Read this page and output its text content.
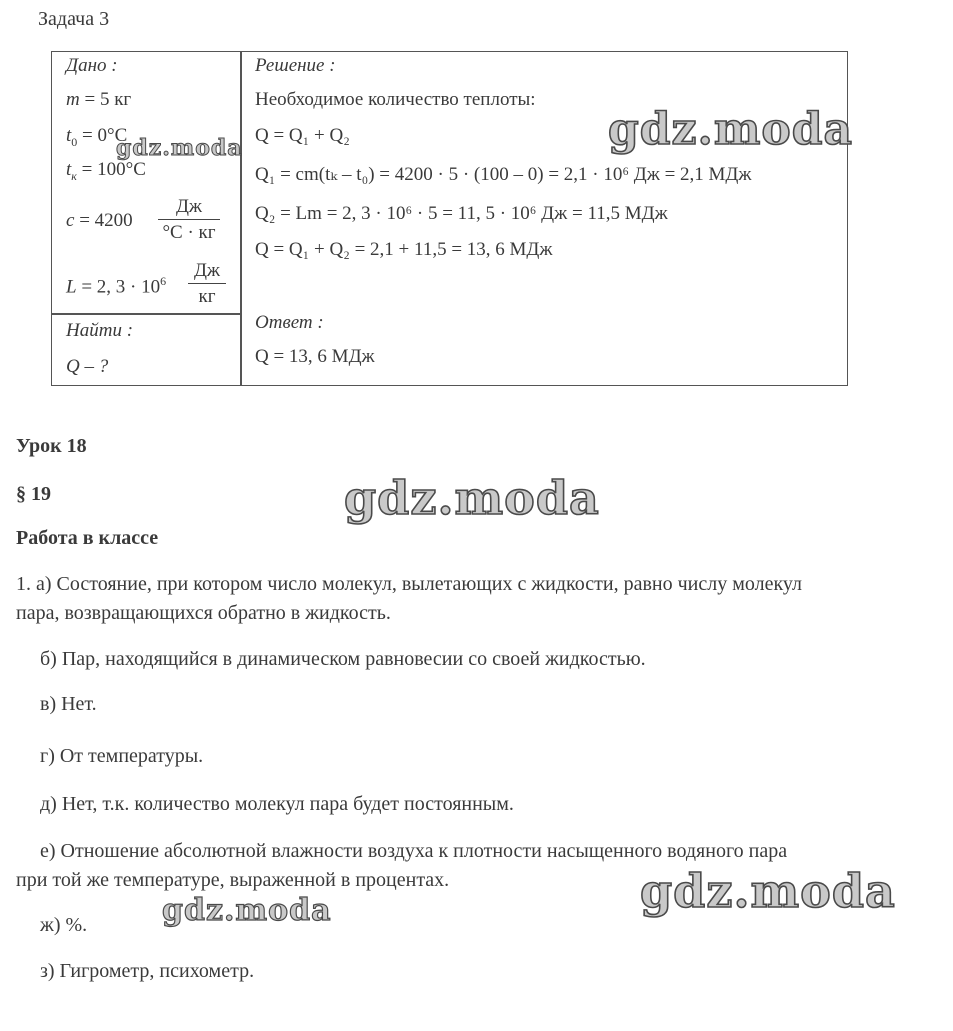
Задача 3
Дано :
m = 5 кг
$t_0 = 0^\circ C$
$t_к = 100^\circ C$
c = 4200
Дж
°С · кг
L = 2, $3 \cdot 10^6$	Дж
кг
Найти :
Q – ?
Решение :
Необходимое количество теплоты:
Q = Q₁ + Q₂
Q₁ = cm(tₖ – t₀) = 4200 · 5 · (100 – 0) = 2,1 · 10⁶ Дж = 2,1 МДж
Q₂ = Lm = 2, 3 · 10⁶ · 5 = 11, 5 · 10⁶ Дж = 11,5 МДж
Q = Q₁ + Q₂ = 2,1 + 11,5 = 13, 6 МДж
Ответ :
Q = 13, 6 МДж
Урок 18
§ 19
Работа в классе
1. а) Состояние, при котором число молекул, вылетающих с жидкости, равно числу молекул
пара, возвращающихся обратно в жидкость.
б) Пар, находящийся в динамическом равновесии со своей жидкостью.
в) Нет.
г) От температуры.
д) Нет, т.к. количество молекул пара будет постоянным.
е) Отношение абсолютной влажности воздуха к плотности насыщенного водяного пара
при той же температуре, выраженной в процентах.
ж) %.
з) Гигрометр, психометр.
gdz.moda
gdz.moda
gdz.moda
gdz.moda
gdz.moda
